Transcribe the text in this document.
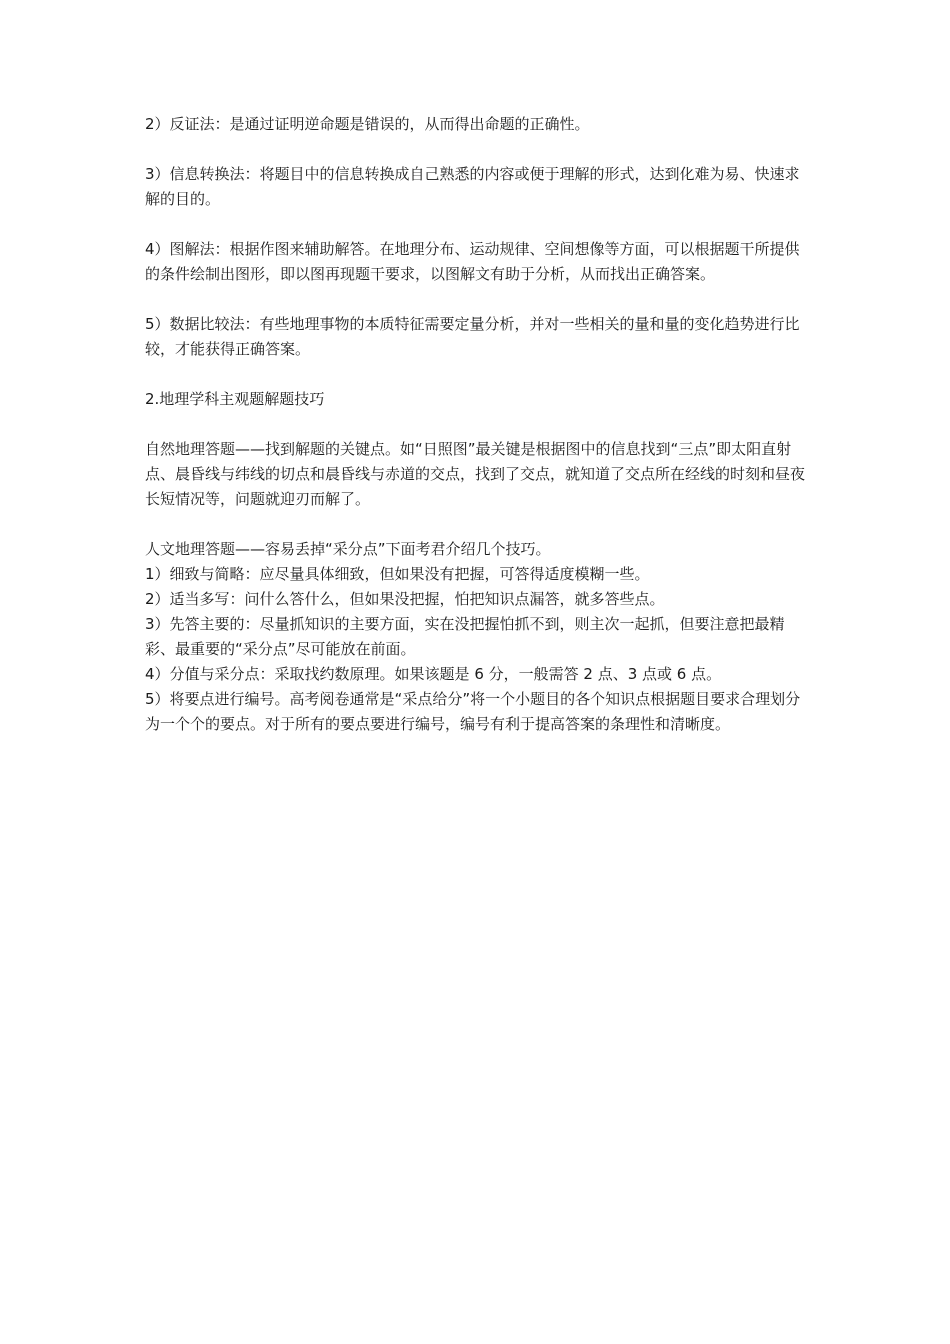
2）反证法：是通过证明逆命题是错误的，从而得出命题的正确性。

3）信息转换法：将题目中的信息转换成自己熟悉的内容或便于理解的形式，达到化难为易、快速求解的目的。

4）图解法：根据作图来辅助解答。在地理分布、运动规律、空间想像等方面，可以根据题干所提供的条件绘制出图形，即以图再现题干要求，以图解文有助于分析，从而找出正确答案。

5）数据比较法：有些地理事物的本质特征需要定量分析，并对一些相关的量和量的变化趋势进行比较，才能获得正确答案。

2.地理学科主观题解题技巧

自然地理答题——找到解题的关键点。如“日照图”最关键是根据图中的信息找到“三点”即太阳直射点、晨昏线与纬线的切点和晨昏线与赤道的交点，找到了交点，就知道了交点所在经线的时刻和昼夜长短情况等，问题就迎刃而解了。

人文地理答题——容易丢掉“采分点”下面考君介绍几个技巧。

1）细致与简略：应尽量具体细致，但如果没有把握，可答得适度模糊一些。

2）适当多写：问什么答什么，但如果没把握，怕把知识点漏答，就多答些点。

3）先答主要的：尽量抓知识的主要方面，实在没把握怕抓不到，则主次一起抓，但要注意把最精彩、最重要的“采分点”尽可能放在前面。

4）分值与采分点：采取找约数原理。如果该题是 6 分，一般需答 2 点、3 点或 6 点。

5）将要点进行编号。高考阅卷通常是“采点给分”将一个小题目的各个知识点根据题目要求合理划分为一个个的要点。对于所有的要点要进行编号，编号有利于提高答案的条理性和清晰度。
